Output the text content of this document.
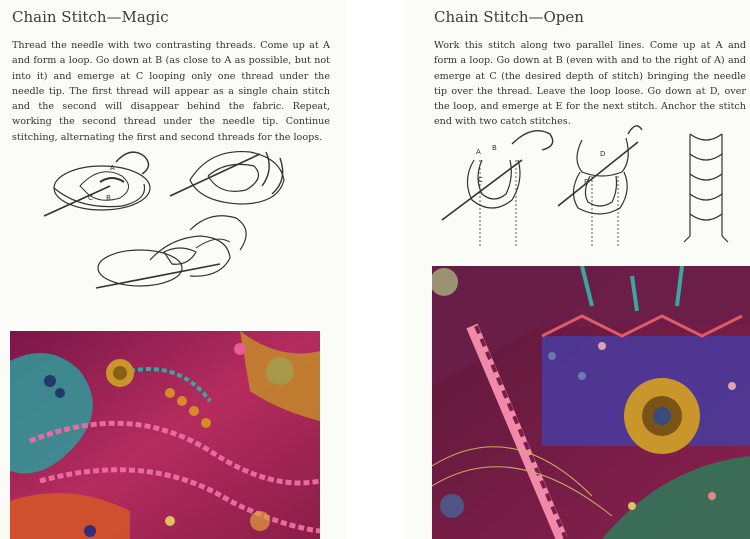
Chain Stitch—Magic
Thread the needle with two contrasting threads. Come up at A and form a loop. Go down at B (as close to A as possible, but not into it) and emerge at C looping only one thread under the needle tip. The first thread will appear as a single chain stitch and the second will disappear behind the fabric. Repeat, working the second thread under the needle tip. Continue stitching, alternating the first and second threads for the loops.
A
C B
Chain Stitch—Open
Work this stitch along two parallel lines. Come up at A and form a loop. Go down at B (even with and to the right of A) and emerge at C (the desired depth of stitch) bringing the needle tip over the thread. Leave the loop loose. Go down at D, over the loop, and emerge at E for the next stitch. Anchor the stitch end with two catch stitches.
A B
C
D
E
